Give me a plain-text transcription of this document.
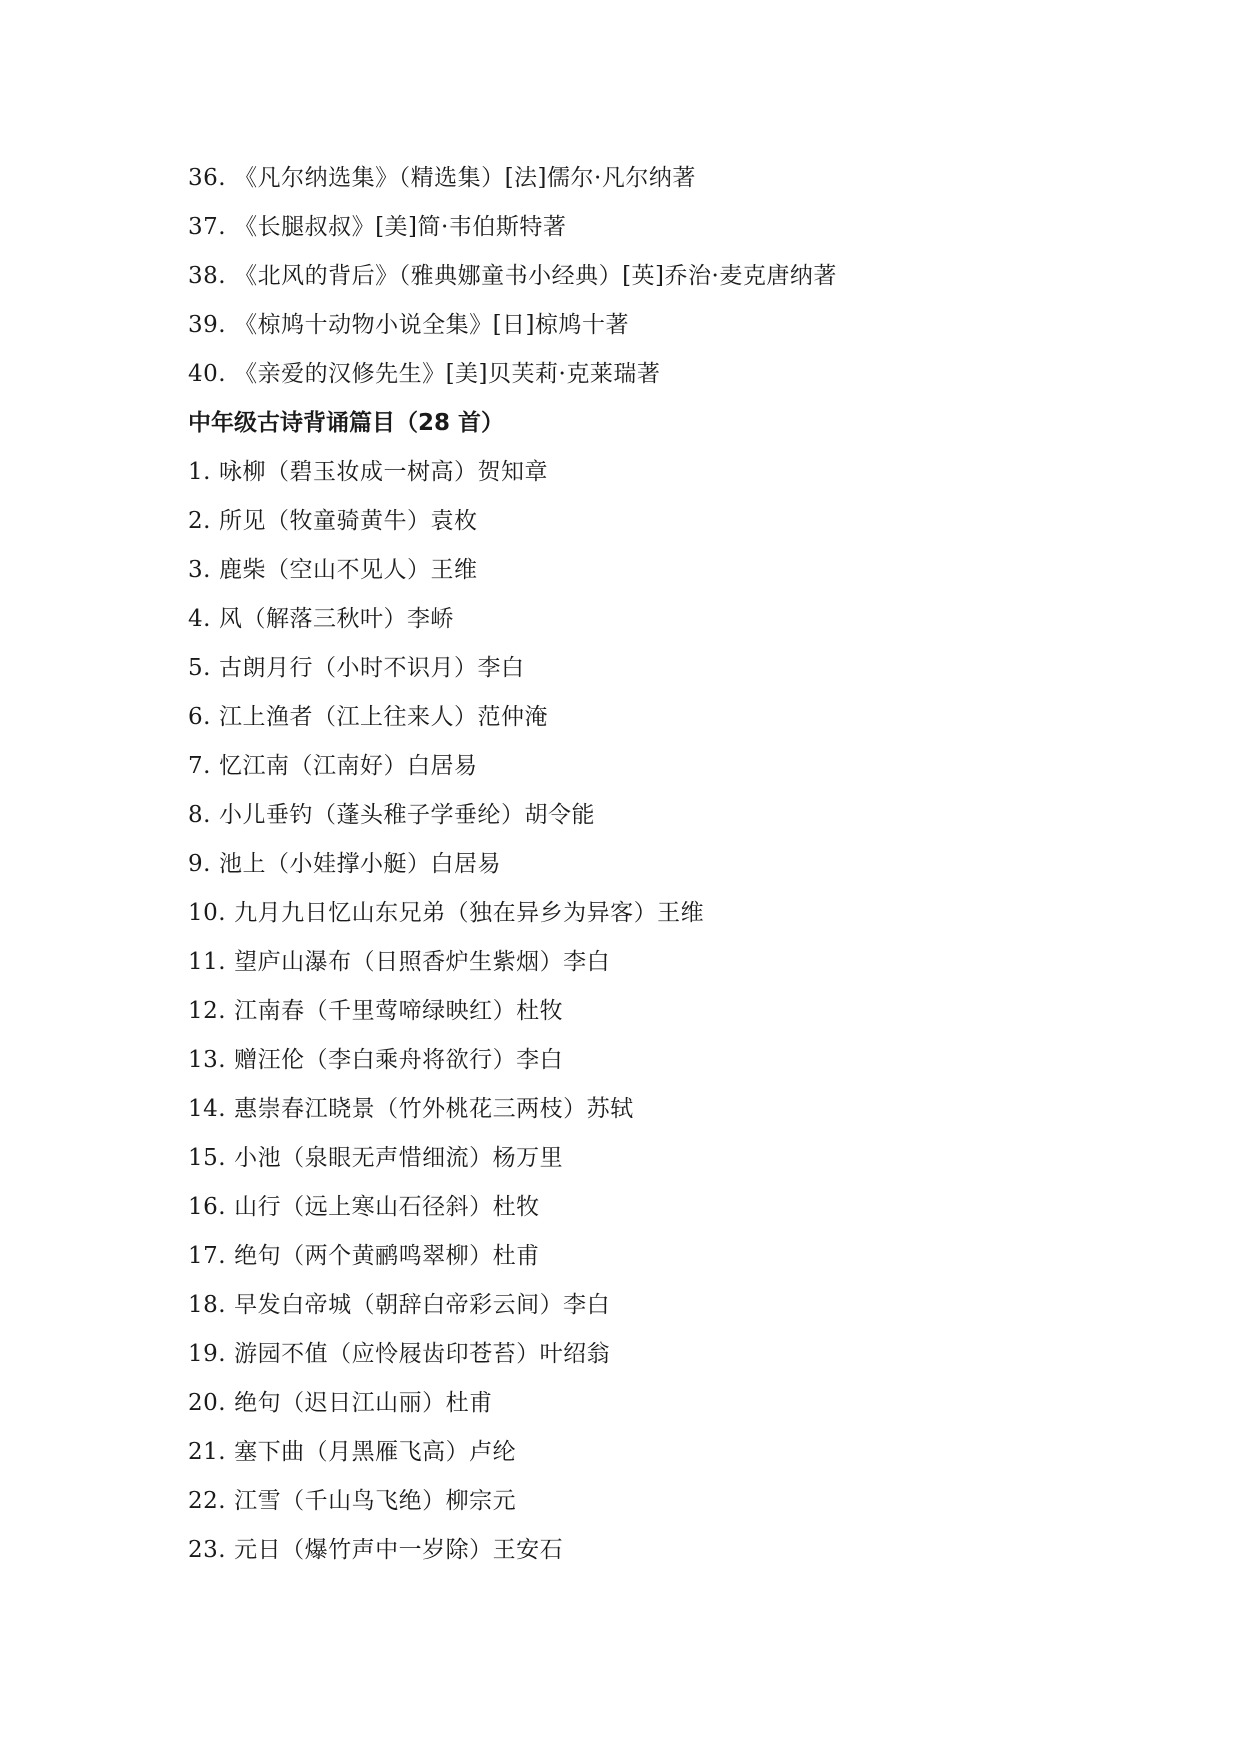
36. 《凡尔纳选集》（精选集）[法]儒尔·凡尔纳著
37. 《长腿叔叔》[美]简·韦伯斯特著
38. 《北风的背后》（雅典娜童书小经典）[英]乔治·麦克唐纳著
39. 《椋鸠十动物小说全集》[日]椋鸠十著
40. 《亲爱的汉修先生》[美]贝芙莉·克莱瑞著
中年级古诗背诵篇目（28 首）
1. 咏柳（碧玉妆成一树高）贺知章
2. 所见（牧童骑黄牛）袁枚
3. 鹿柴（空山不见人）王维
4. 风（解落三秋叶）李峤
5. 古朗月行（小时不识月）李白
6. 江上渔者（江上往来人）范仲淹
7. 忆江南（江南好）白居易
8. 小儿垂钓（蓬头稚子学垂纶）胡令能
9. 池上（小娃撑小艇）白居易
10. 九月九日忆山东兄弟（独在异乡为异客）王维
11. 望庐山瀑布（日照香炉生紫烟）李白
12. 江南春（千里莺啼绿映红）杜牧
13. 赠汪伦（李白乘舟将欲行）李白
14. 惠崇春江晓景（竹外桃花三两枝）苏轼
15. 小池（泉眼无声惜细流）杨万里
16. 山行（远上寒山石径斜）杜牧
17. 绝句（两个黄鹂鸣翠柳）杜甫
18. 早发白帝城（朝辞白帝彩云间）李白
19. 游园不值（应怜屐齿印苍苔）叶绍翁
20. 绝句（迟日江山丽）杜甫
21. 塞下曲（月黑雁飞高）卢纶
22. 江雪（千山鸟飞绝）柳宗元
23. 元日（爆竹声中一岁除）王安石
